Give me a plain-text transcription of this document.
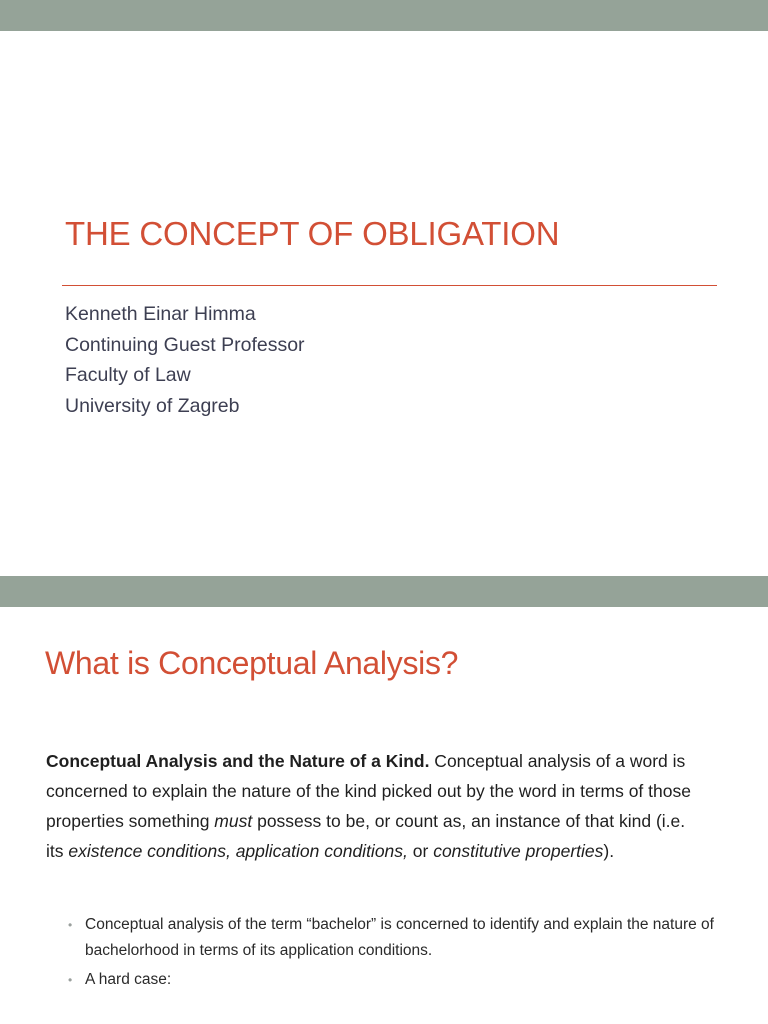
THE CONCEPT OF OBLIGATION
Kenneth Einar Himma
Continuing Guest Professor
Faculty of Law
University of Zagreb
What is Conceptual Analysis?
Conceptual Analysis and the Nature of a Kind. Conceptual analysis of a word is concerned to explain the nature of the kind picked out by the word in terms of those properties something must possess to be, or count as, an instance of that kind (i.e. its existence conditions, application conditions, or constitutive properties).
• Conceptual analysis of the term “bachelor” is concerned to identify and explain the nature of bachelorhood in terms of its application conditions.
• A hard case:
